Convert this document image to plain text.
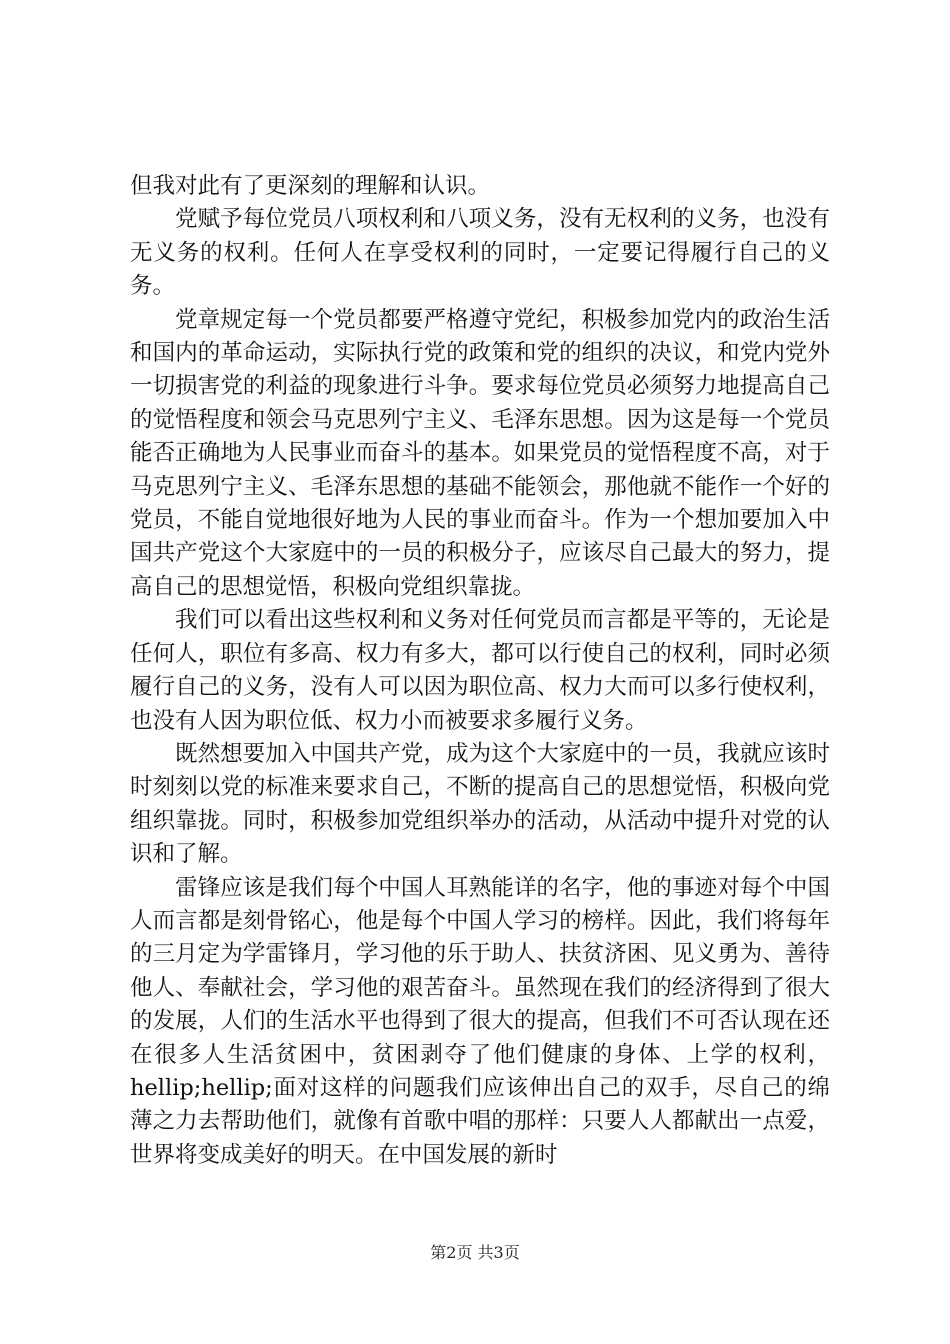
但我对此有了更深刻的理解和认识。

党赋予每位党员八项权利和八项义务，没有无权利的义务，也没有无义务的权利。任何人在享受权利的同时，一定要记得履行自己的义务。

党章规定每一个党员都要严格遵守党纪，积极参加党内的政治生活和国内的革命运动，实际执行党的政策和党的组织的决议，和党内党外一切损害党的利益的现象进行斗争。要求每位党员必须努力地提高自己的觉悟程度和领会马克思列宁主义、毛泽东思想。因为这是每一个党员能否正确地为人民事业而奋斗的基本。如果党员的觉悟程度不高，对于马克思列宁主义、毛泽东思想的基础不能领会，那他就不能作一个好的党员，不能自觉地很好地为人民的事业而奋斗。作为一个想加要加入中国共产党这个大家庭中的一员的积极分子，应该尽自己最大的努力，提高自己的思想觉悟，积极向党组织靠拢。

我们可以看出这些权利和义务对任何党员而言都是平等的，无论是任何人，职位有多高、权力有多大，都可以行使自己的权利，同时必须履行自己的义务，没有人可以因为职位高、权力大而可以多行使权利，也没有人因为职位低、权力小而被要求多履行义务。

既然想要加入中国共产党，成为这个大家庭中的一员，我就应该时时刻刻以党的标准来要求自己，不断的提高自己的思想觉悟，积极向党组织靠拢。同时，积极参加党组织举办的活动，从活动中提升对党的认识和了解。

雷锋应该是我们每个中国人耳熟能详的名字，他的事迹对每个中国人而言都是刻骨铭心，他是每个中国人学习的榜样。因此，我们将每年的三月定为学雷锋月，学习他的乐于助人、扶贫济困、见义勇为、善待他人、奉献社会，学习他的艰苦奋斗。虽然现在我们的经济得到了很大的发展，人们的生活水平也得到了很大的提高，但我们不可否认现在还在很多人生活贫困中，贫困剥夺了他们健康的身体、上学的权利，hellip;hellip;面对这样的问题我们应该伸出自己的双手，尽自己的绵薄之力去帮助他们，就像有首歌中唱的那样：只要人人都献出一点爱，世界将变成美好的明天。在中国发展的新时

第2页 共3页
